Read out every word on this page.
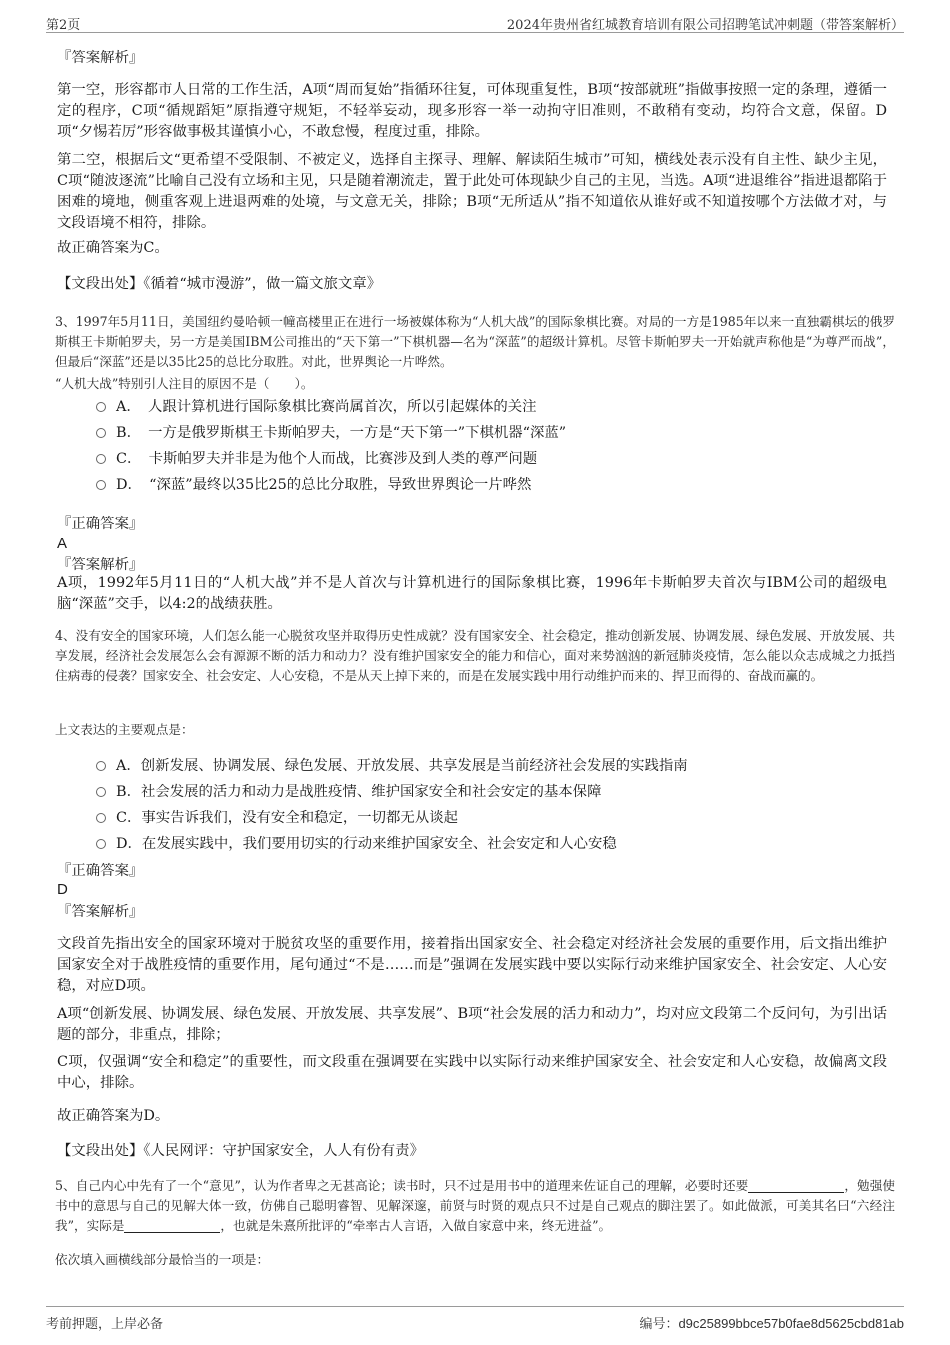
第2页	2024年贵州省红城教育培训有限公司招聘笔试冲刺题（带答案解析）
『答案解析』
第一空，形容都市人日常的工作生活，A项“周而复始”指循环往复，可体现重复性，B项“按部就班”指做事按照一定的条理，遵循一定的程序，C项“循规蹈矩”原指遵守规矩，不轻举妄动，现多形容一举一动拘守旧准则，不敢稍有变动，均符合文意，保留。D项“夕惕若厉”形容做事极其谨慎小心，不敢怠慢，程度过重，排除。
第二空，根据后文“更希望不受限制、不被定义，选择自主探寻、理解、解读陌生城市”可知，横线处表示没有自主性、缺少主见，C项“随波逐流”比喻自己没有立场和主见，只是随着潮流走，置于此处可体现缺少自己的主见，当选。A项“进退维谷”指进退都陷于困难的境地，侧重客观上进退两难的处境，与文意无关，排除；B项“无所适从”指不知道依从谁好或不知道按哪个方法做才对，与文段语境不相符，排除。
故正确答案为C。
【文段出处】《循着“城市漫游”，做一篇文旅文章》
3、1997年5月11日，美国纽约曼哈顿一幢高楼里正在进行一场被媒体称为“人机大战”的国际象棋比赛。对局的一方是1985年以来一直独霸棋坛的俄罗斯棋王卡斯帕罗夫，另一方是美国IBM公司推出的“天下第一”下棋机器—名为“深蓝”的超级计算机。尽管卡斯帕罗夫一开始就声称他是“为尊严而战”，但最后“深蓝”还是以35比25的总比分取胜。对此，世界舆论一片哗然。
“人机大战”特别引人注目的原因不是（　　）。
A．　人跟计算机进行国际象棋比赛尚属首次，所以引起媒体的关注
B．　一方是俄罗斯棋王卡斯帕罗夫，一方是“天下第一”下棋机器“深蓝”
C．　卡斯帕罗夫并非是为他个人而战，比赛涉及到人类的尊严问题
D．　“深蓝”最终以35比25的总比分取胜，导致世界舆论一片哗然
『正确答案』
A
『答案解析』
A项，1992年5月11日的“人机大战”并不是人首次与计算机进行的国际象棋比赛，1996年卡斯帕罗夫首次与IBM公司的超级电脑“深蓝”交手，以4:2的战绩获胜。
4、没有安全的国家环境，人们怎么能一心脱贫攻坚并取得历史性成就？没有国家安全、社会稳定，推动创新发展、协调发展、绿色发展、开放发展、共享发展，经济社会发展怎么会有源源不断的活力和动力？没有维护国家安全的能力和信心，面对来势汹汹的新冠肺炎疫情，怎么能以众志成城之力抵挡住病毒的侵袭？国家安全、社会安定、人心安稳，不是从天上掉下来的，而是在发展实践中用行动维护而来的、捍卫而得的、奋战而赢的。
上文表达的主要观点是：
A．创新发展、协调发展、绿色发展、开放发展、共享发展是当前经济社会发展的实践指南
B．社会发展的活力和动力是战胜疫情、维护国家安全和社会安定的基本保障
C．事实告诉我们，没有安全和稳定，一切都无从谈起
D．在发展实践中，我们要用切实的行动来维护国家安全、社会安定和人心安稳
『正确答案』
D
『答案解析』
文段首先指出安全的国家环境对于脱贫攻坚的重要作用，接着指出国家安全、社会稳定对经济社会发展的重要作用，后文指出维护国家安全对于战胜疫情的重要作用，尾句通过“不是……而是”强调在发展实践中要以实际行动来维护国家安全、社会安定、人心安稳，对应D项。
A项“创新发展、协调发展、绿色发展、开放发展、共享发展”、B项“社会发展的活力和动力”，均对应文段第二个反问句，为引出话题的部分，非重点，排除；
C项，仅强调“安全和稳定”的重要性，而文段重在强调要在实践中以实际行动来维护国家安全、社会安定和人心安稳，故偏离文段中心，排除。
故正确答案为D。
【文段出处】《人民网评：守护国家安全，人人有份有责》
5、自己内心中先有了一个“意见”，认为作者卑之无甚高论；读书时，只不过是用书中的道理来佐证自己的理解，必要时还要	，勉强使书中的意思与自己的见解大体一致，仿佛自己聪明睿智、见解深邃，前贤与时贤的观点只不过是自己观点的脚注罢了。如此做派，可美其名曰“六经注我”，实际是	，也就是朱熹所批评的“牵率古人言语，入做自家意中来，终无进益”。
依次填入画横线部分最恰当的一项是：
考前押题，上岸必备	编号：d9c25899bbce57b0fae8d5625cbd81ab
